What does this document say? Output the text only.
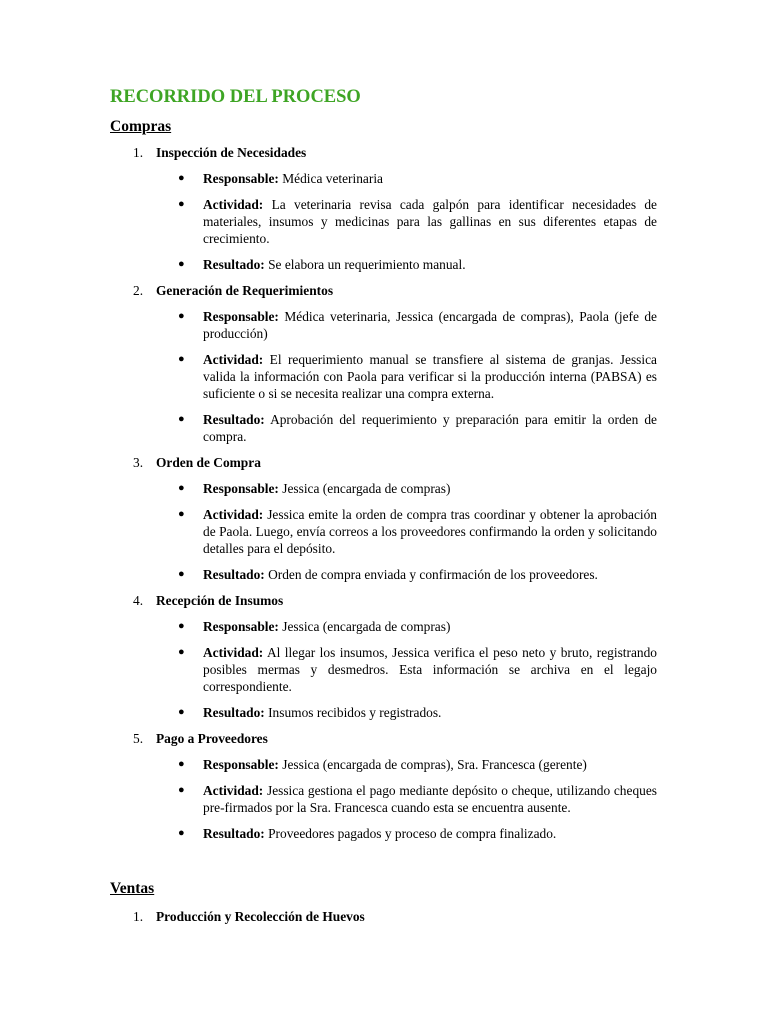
RECORRIDO DEL PROCESO
Compras
1. Inspección de Necesidades
● Responsable: Médica veterinaria
● Actividad: La veterinaria revisa cada galpón para identificar necesidades de materiales, insumos y medicinas para las gallinas en sus diferentes etapas de crecimiento.
● Resultado: Se elabora un requerimiento manual.
2. Generación de Requerimientos
● Responsable: Médica veterinaria, Jessica (encargada de compras), Paola (jefe de producción)
● Actividad: El requerimiento manual se transfiere al sistema de granjas. Jessica valida la información con Paola para verificar si la producción interna (PABSA) es suficiente o si se necesita realizar una compra externa.
● Resultado: Aprobación del requerimiento y preparación para emitir la orden de compra.
3. Orden de Compra
● Responsable: Jessica (encargada de compras)
● Actividad: Jessica emite la orden de compra tras coordinar y obtener la aprobación de Paola. Luego, envía correos a los proveedores confirmando la orden y solicitando detalles para el depósito.
● Resultado: Orden de compra enviada y confirmación de los proveedores.
4. Recepción de Insumos
● Responsable: Jessica (encargada de compras)
● Actividad: Al llegar los insumos, Jessica verifica el peso neto y bruto, registrando posibles mermas y desmedros. Esta información se archiva en el legajo correspondiente.
● Resultado: Insumos recibidos y registrados.
5. Pago a Proveedores
● Responsable: Jessica (encargada de compras), Sra. Francesca (gerente)
● Actividad: Jessica gestiona el pago mediante depósito o cheque, utilizando cheques pre-firmados por la Sra. Francesca cuando esta se encuentra ausente.
● Resultado: Proveedores pagados y proceso de compra finalizado.
Ventas
1. Producción y Recolección de Huevos
